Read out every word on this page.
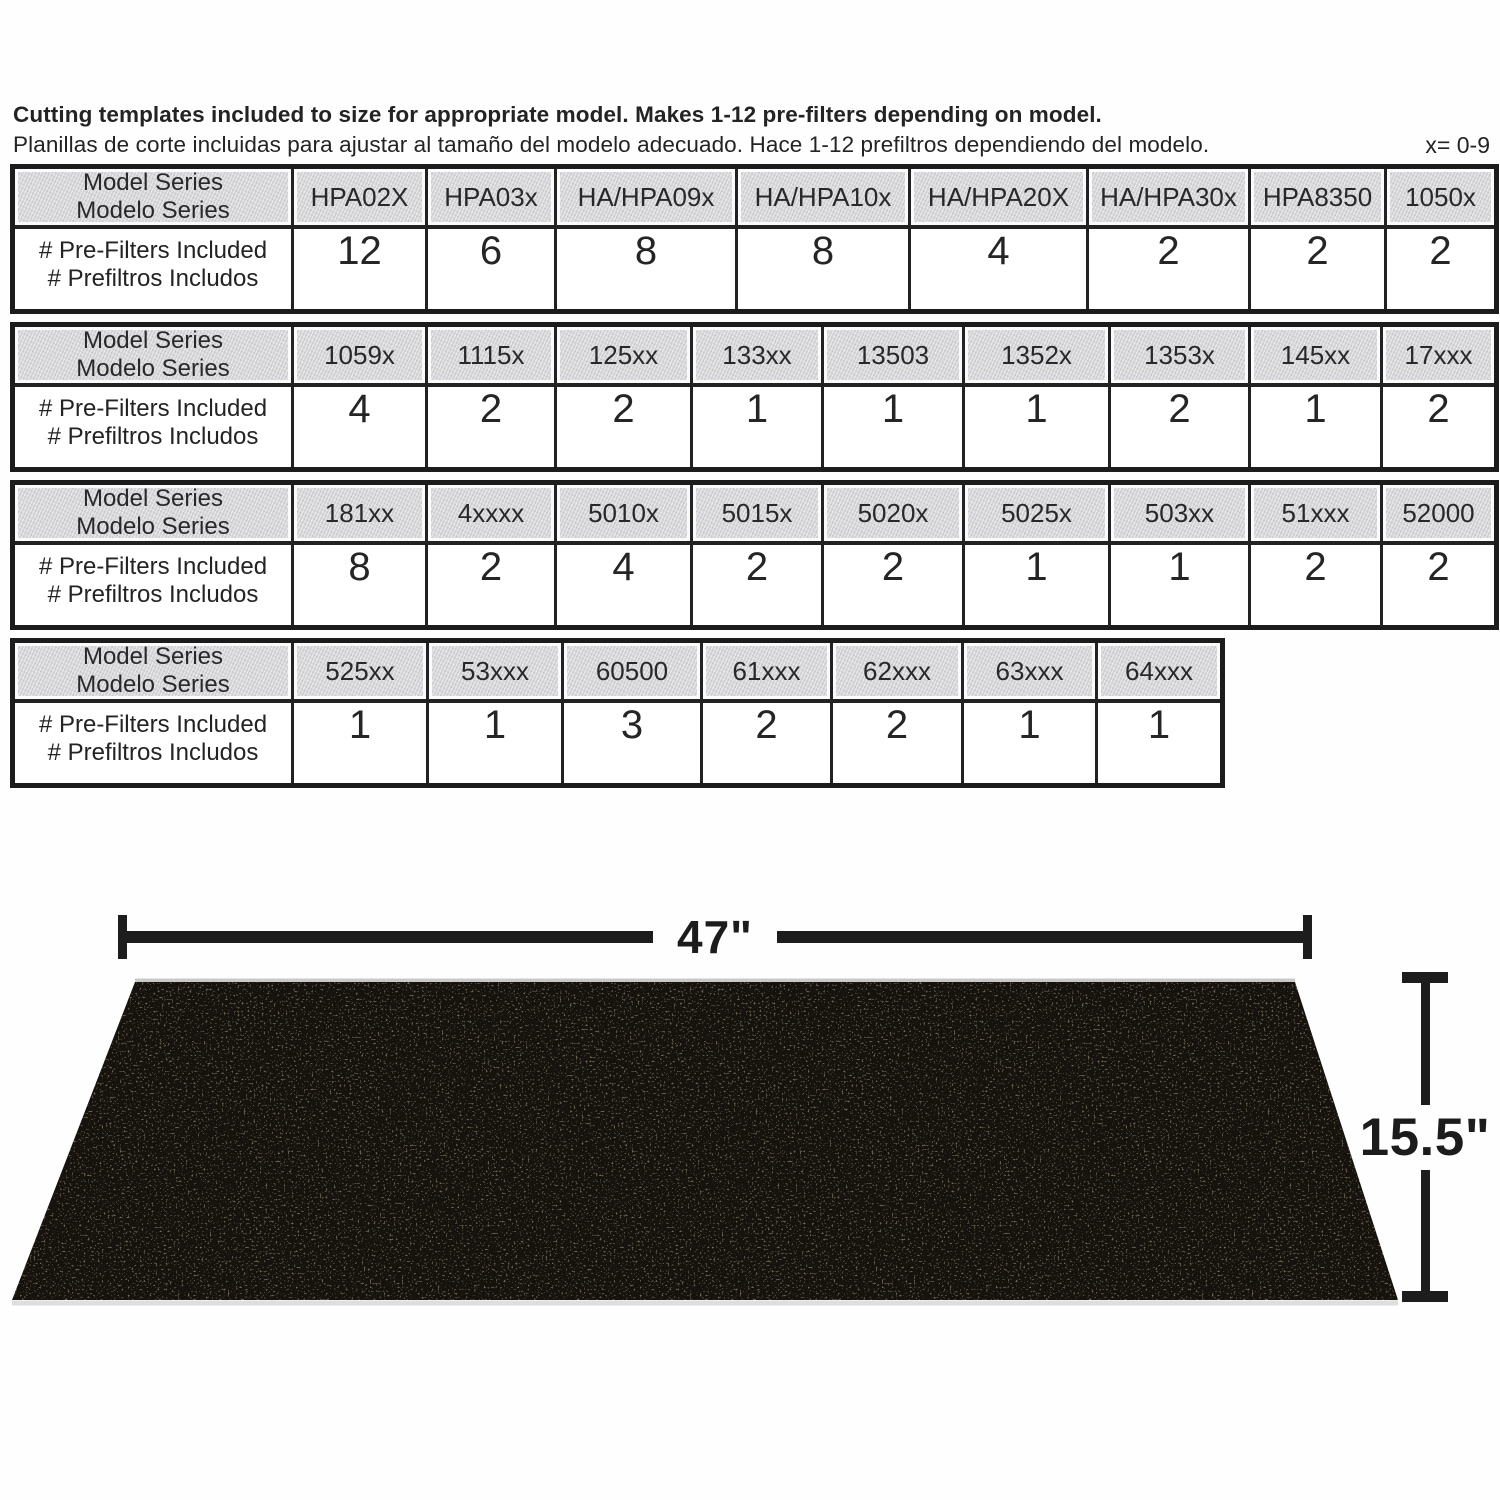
Cutting templates included to size for appropriate model. Makes 1-12 pre-filters depending on model.

Planillas de corte incluidas para ajustar al tamaño del modelo adecuado. Hace 1-12 prefiltros dependiendo del modelo.	x= 0-9
Model Series
Modelo Series	HPA02X	HPA03x	HA/HPA09x	HA/HPA10x	HA/HPA20X	HA/HPA30x	HPA8350	1050x

# Pre-Filters Included
# Prefiltros Includos	12	6	8	8	4	2	2	2
Model Series
Modelo Series	1059x	1115x	125xx	133xx	13503	1352x	1353x	145xx	17xxx

# Pre-Filters Included
# Prefiltros Includos	4	2	2	1	1	1	2	1	2
Model Series
Modelo Series	181xx	4xxxx	5010x	5015x	5020x	5025x	503xx	51xxx	52000

# Pre-Filters Included
# Prefiltros Includos	8	2	4	2	2	1	1	2	2
Model Series
Modelo Series	525xx	53xxx	60500	61xxx	62xxx	63xxx	64xxx

# Pre-Filters Included
# Prefiltros Includos	1	1	3	2	2	1	1
47"
15.5"
